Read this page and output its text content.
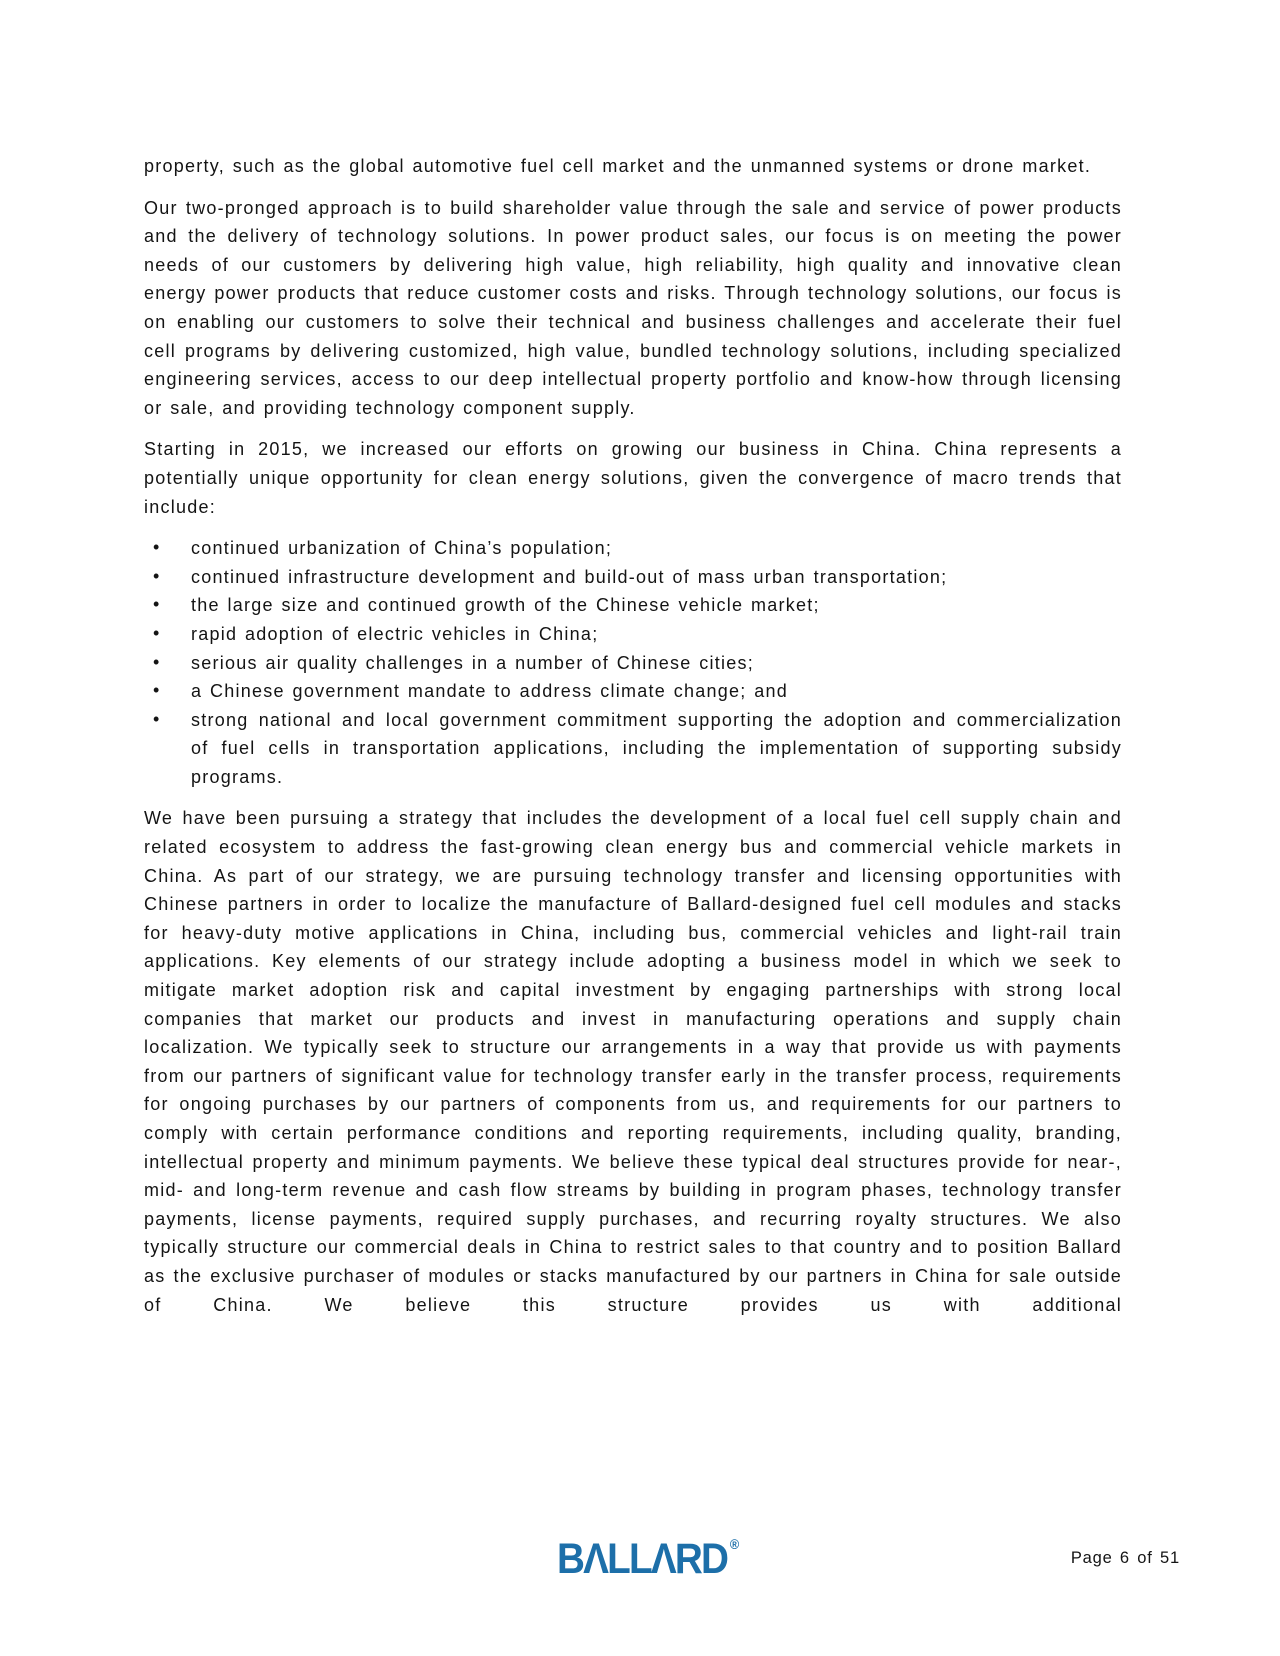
property, such as the global automotive fuel cell market and the unmanned systems or drone market.

Our two-pronged approach is to build shareholder value through the sale and service of power products and the delivery of technology solutions. In power product sales, our focus is on meeting the power needs of our customers by delivering high value, high reliability, high quality and innovative clean energy power products that reduce customer costs and risks. Through technology solutions, our focus is on enabling our customers to solve their technical and business challenges and accelerate their fuel cell programs by delivering customized, high value, bundled technology solutions, including specialized engineering services, access to our deep intellectual property portfolio and know-how through licensing or sale, and providing technology component supply.

Starting in 2015, we increased our efforts on growing our business in China. China represents a potentially unique opportunity for clean energy solutions, given the convergence of macro trends that include:

• continued urbanization of China’s population;
• continued infrastructure development and build-out of mass urban transportation;
• the large size and continued growth of the Chinese vehicle market;
• rapid adoption of electric vehicles in China;
• serious air quality challenges in a number of Chinese cities;
• a Chinese government mandate to address climate change; and
• strong national and local government commitment supporting the adoption and commercialization of fuel cells in transportation applications, including the implementation of supporting subsidy programs.

We have been pursuing a strategy that includes the development of a local fuel cell supply chain and related ecosystem to address the fast-growing clean energy bus and commercial vehicle markets in China. As part of our strategy, we are pursuing technology transfer and licensing opportunities with Chinese partners in order to localize the manufacture of Ballard-designed fuel cell modules and stacks for heavy-duty motive applications in China, including bus, commercial vehicles and light-rail train applications. Key elements of our strategy include adopting a business model in which we seek to mitigate market adoption risk and capital investment by engaging partnerships with strong local companies that market our products and invest in manufacturing operations and supply chain localization. We typically seek to structure our arrangements in a way that provide us with payments from our partners of significant value for technology transfer early in the transfer process, requirements for ongoing purchases by our partners of components from us, and requirements for our partners to comply with certain performance conditions and reporting requirements, including quality, branding, intellectual property and minimum payments. We believe these typical deal structures provide for near-, mid- and long-term revenue and cash flow streams by building in program phases, technology transfer payments, license payments, required supply purchases, and recurring royalty structures. We also typically structure our commercial deals in China to restrict sales to that country and to position Ballard as the exclusive purchaser of modules or stacks manufactured by our partners in China for sale outside of China. We believe this structure provides us with additional

BΛLLΛRD ®
Page 6 of 51
